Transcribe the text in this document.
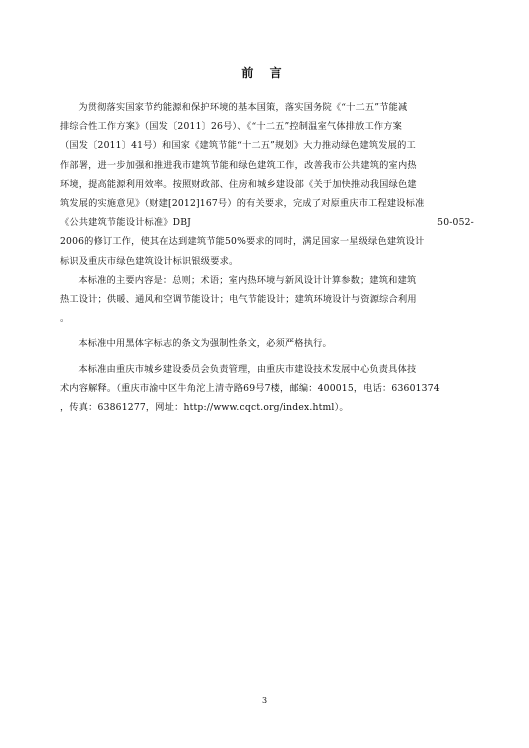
前 言

为贯彻落实国家节约能源和保护环境的基本国策，落实国务院《“十二五”节能减
排综合性工作方案》（国发〔2011〕26号）、《“十二五”控制温室气体排放工作方案
（国发〔2011〕41号）和国家《建筑节能“十二五”规划》大力推动绿色建筑发展的工
作部署，进一步加强和推进我市建筑节能和绿色建筑工作，改善我市公共建筑的室内热
环境，提高能源利用效率。按照财政部、住房和城乡建设部《关于加快推动我国绿色建
筑发展的实施意见》（财建[2012]167号）的有关要求，完成了对原重庆市工程建设标准
《公共建筑节能设计标准》DBJ	50-052-
2006的修订工作，使其在达到建筑节能50%要求的同时，满足国家一星级绿色建筑设计
标识及重庆市绿色建筑设计标识银级要求。

本标准的主要内容是：总则；术语；室内热环境与新风设计计算参数；建筑和建筑
热工设计；供暖、通风和空调节能设计；电气节能设计；建筑环境设计与资源综合利用
。

本标准中用黑体字标志的条文为强制性条文，必须严格执行。

本标准由重庆市城乡建设委员会负责管理，由重庆市建设技术发展中心负责具体技
术内容解释。（重庆市渝中区牛角沱上清寺路69号7楼，邮编：400015，电话：63601374
，传真：63861277，网址：http://www.cqct.org/index.html）。

3
